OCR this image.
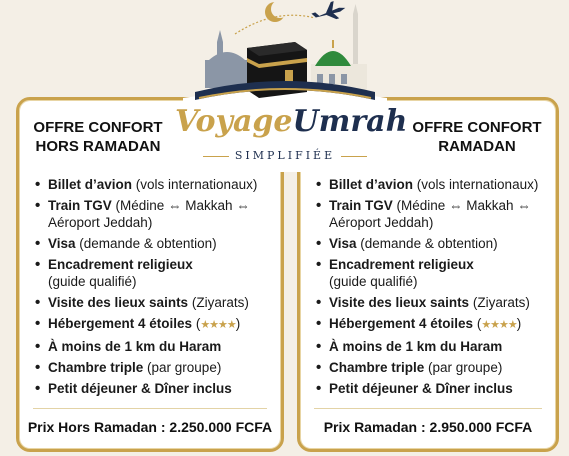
OFFRE CONFORT
HORS RAMADAN
• Billet d’avion (vols internationaux)
• Train TGV (Médine ⇔ Makkah ⇔
Aéroport Jeddah)
• Visa (demande & obtention)
• Encadrement religieux
(guide qualifié)
• Visite des lieux saints (Ziyarats)
• Hébergement 4 étoiles (★★★★)
• À moins de 1 km du Haram
• Chambre triple (par groupe)
• Petit déjeuner & Dîner inclus
Prix Hors Ramadan : 2.250.000 FCFA
OFFRE CONFORT
RAMADAN
• Billet d’avion (vols internationaux)
• Train TGV (Médine ⇔ Makkah ⇔
Aéroport Jeddah)
• Visa (demande & obtention)
• Encadrement religieux
(guide qualifié)
• Visite des lieux saints (Ziyarats)
• Hébergement 4 étoiles (★★★★)
• À moins de 1 km du Haram
• Chambre triple (par groupe)
• Petit déjeuner & Dîner inclus
Prix Ramadan : 2.950.000 FCFA
VoyageUmrah
SIMPLIFIÉE
